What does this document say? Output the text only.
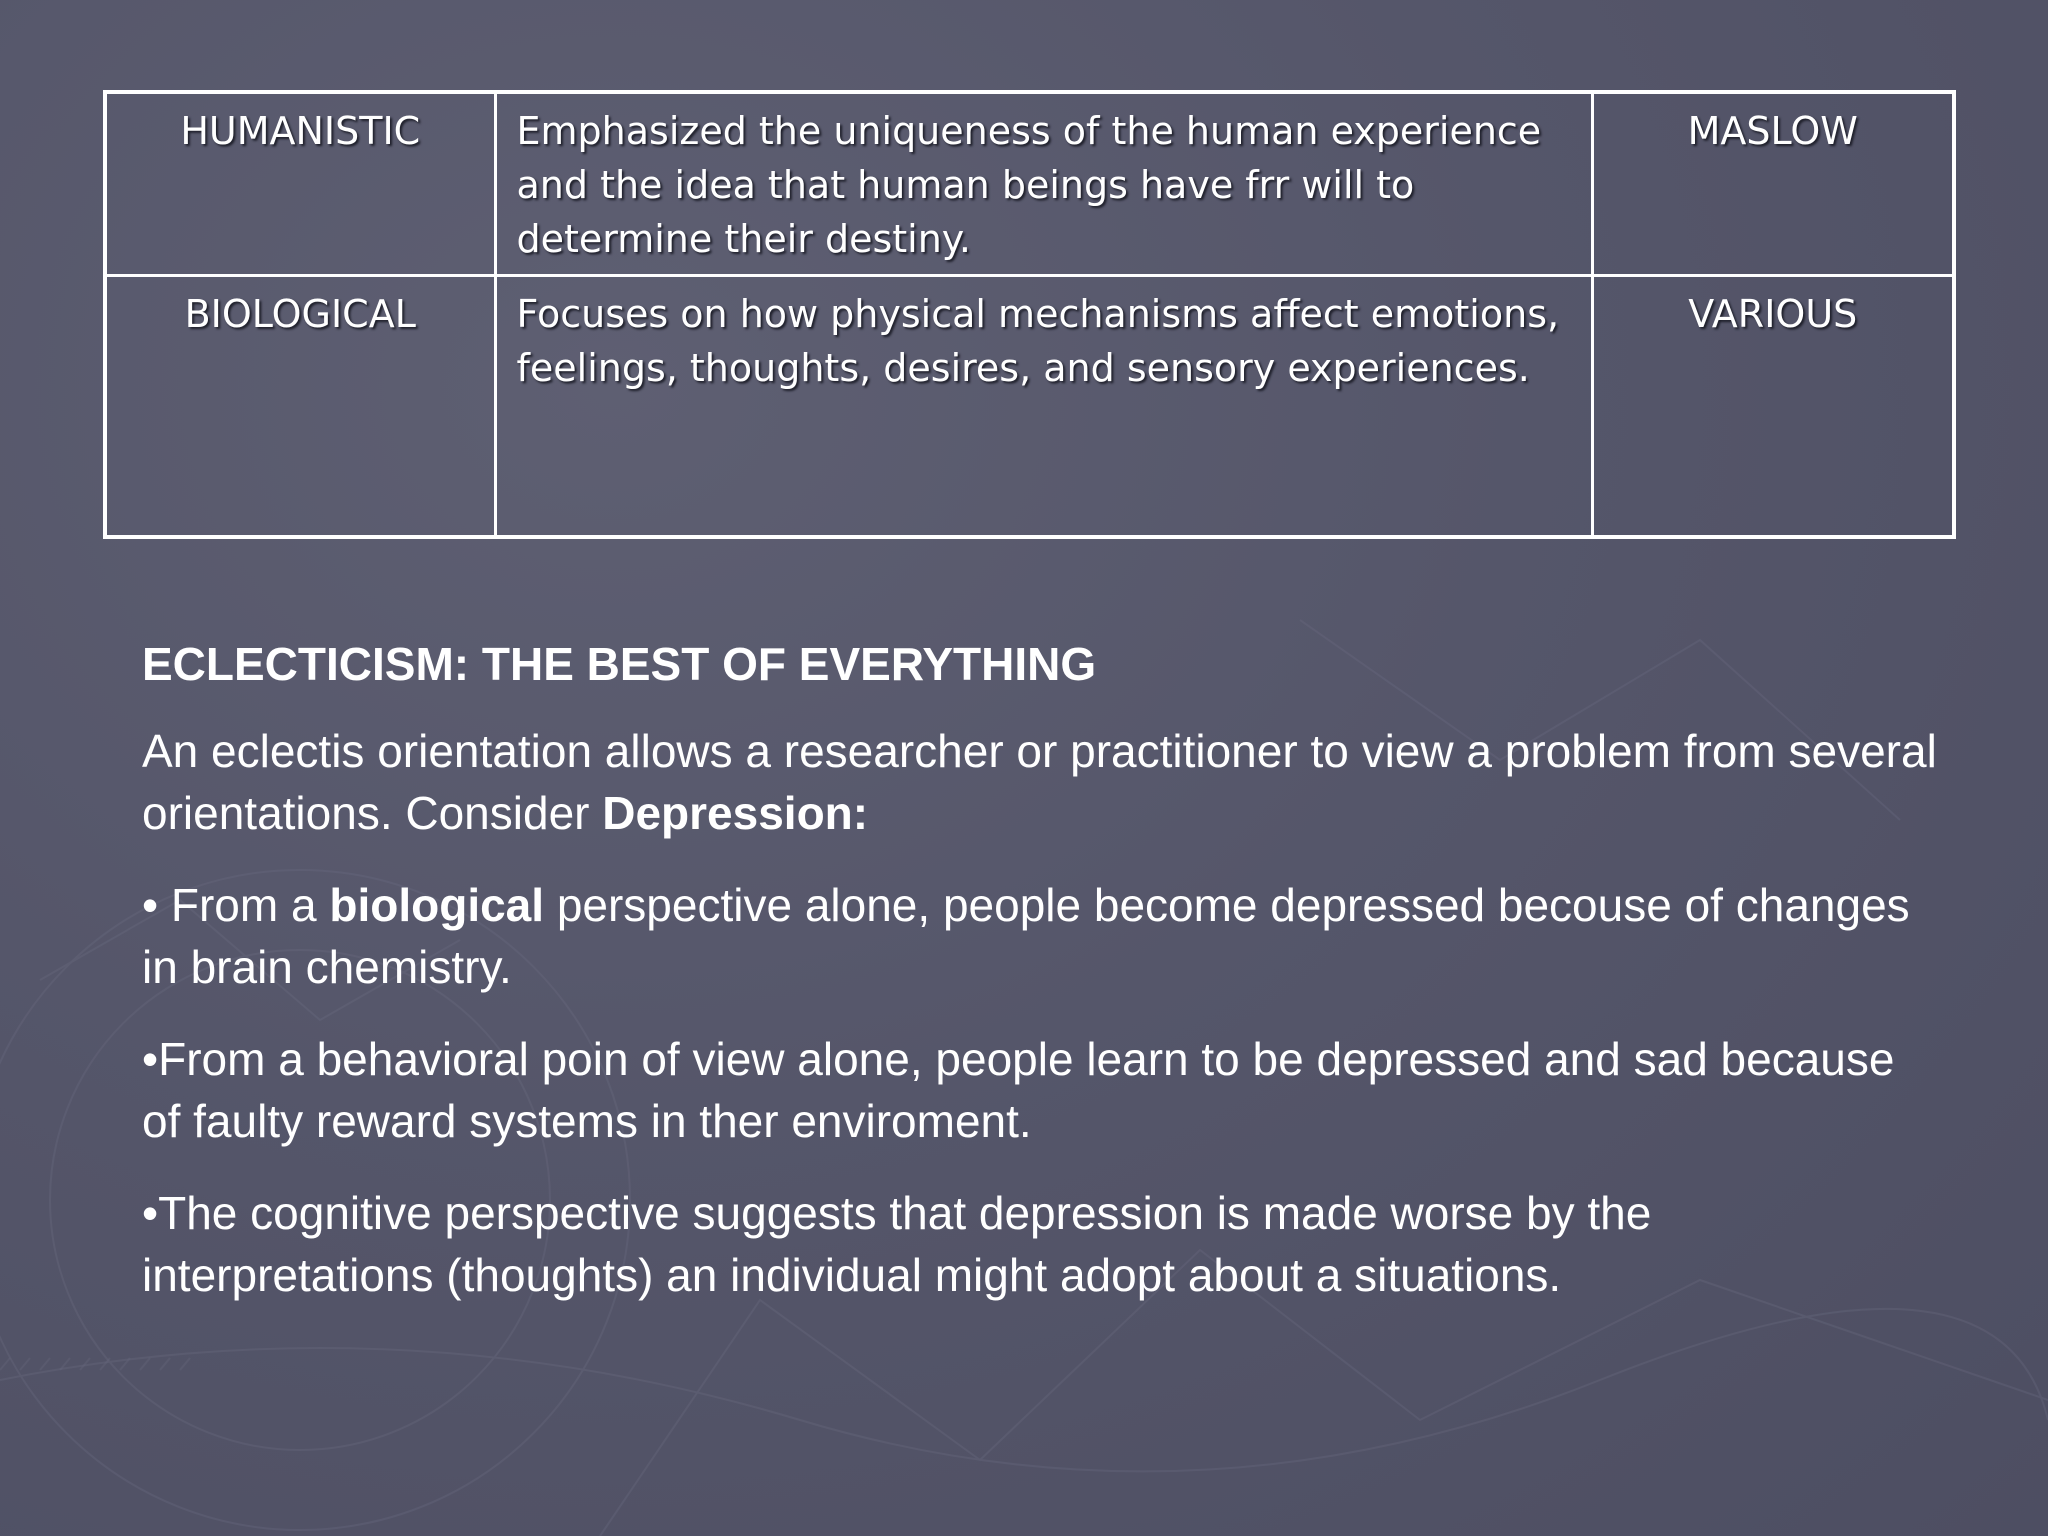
HUMANISTIC	Emphasized the uniqueness of the human experience and the idea that human beings have frr will to determine their destiny.	MASLOW
BIOLOGICAL	Focuses on how physical mechanisms affect emotions, feelings, thoughts, desires, and sensory experiences.	VARIOUS

ECLECTICISM: THE BEST OF EVERYTHING

An eclectis orientation allows a researcher or practitioner to view a problem from several orientations. Consider Depression:

• From a biological perspective alone, people become depressed becouse of changes in brain chemistry.

•From a behavioral poin of view alone, people learn to be depressed and sad because of faulty reward systems in ther enviroment.

•The cognitive perspective suggests that depression is made worse by the interpretations (thoughts) an individual might adopt about a situations.
